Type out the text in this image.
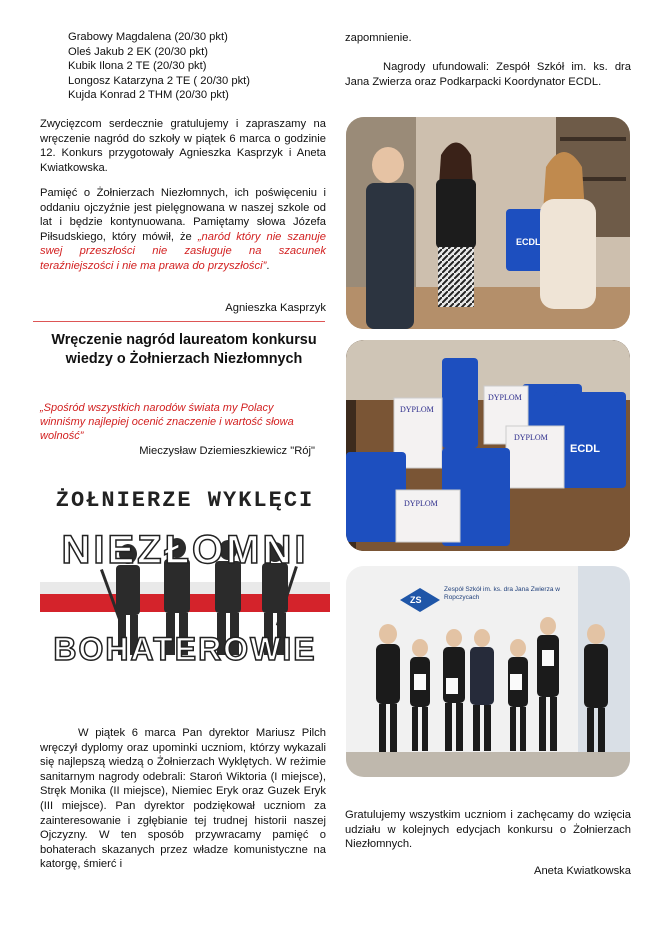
Grabowy Magdalena (20/30 pkt)
Oleś Jakub 2 EK (20/30 pkt)
Kubik Ilona 2 TE (20/30 pkt)
Longosz Katarzyna 2 TE ( 20/30 pkt)
Kujda Konrad 2 THM (20/30 pkt)
Zwycięzcom serdecznie gratulujemy i zapraszamy na wręczenie nagród do szkoły w piątek 6 marca o godzinie 12. Konkurs przygotowały Agnieszka Kasprzyk i Aneta Kwiatkowska.
Pamięć o Żołnierzach Niezłomnych, ich poświęceniu i oddaniu ojczyźnie jest pielęgnowana w naszej szkole od lat i będzie kontynuowana. Pamiętamy słowa Józefa Piłsudskiego, który mówił, że „naród który nie szanuje swej przeszłości nie zasługuje na szacunek teraźniejszości i nie ma prawa do przyszłości”.
Agnieszka Kasprzyk
Wręczenie nagród laureatom konkursu wiedzy o Żołnierzach Niezłomnych
„Spośród wszystkich narodów świata my Polacy winniśmy najlepiej ocenić znaczenie i wartość słowa wolność”
Mieczysław Dziemieszkiewicz "Rój"
ŻOŁNIERZE WYKLĘCI
NIEZŁOMNI
BOHATEROWIE
W piątek 6 marca Pan dyrektor Mariusz Pilch wręczył dyplomy oraz upominki uczniom, którzy wykazali się najlepszą wiedzą o Żołnierzach Wyklętych. W reżimie sanitarnym nagrody odebrali: Staroń Wiktoria (I miejsce), Stręk Monika (II miejsce), Niemiec Eryk oraz Guzek Eryk (III miejsce). Pan dyrektor podziękował uczniom za zainteresowanie i zgłębianie tej trudnej historii naszej Ojczyzny. W ten sposób przywracamy pamięć o bohaterach skazanych przez władze komunistyczne na katorgę, śmierć i
zapomnienie.
Nagrody ufundowali: Zespół Szkół im. ks. dra Jana Zwierza oraz Podkarpacki Koordynator ECDL.
ECDL
ECDL
DYPLOM
DYPLOM
DYPLOM
DYPLOM
ZS
Zespół Szkół im. ks. dra Jana Zwierza w Ropczycach
Gratulujemy wszystkim uczniom i zachęcamy do wzięcia udziału w kolejnych edycjach konkursu o Żołnierzach Niezłomnych.
Aneta Kwiatkowska
